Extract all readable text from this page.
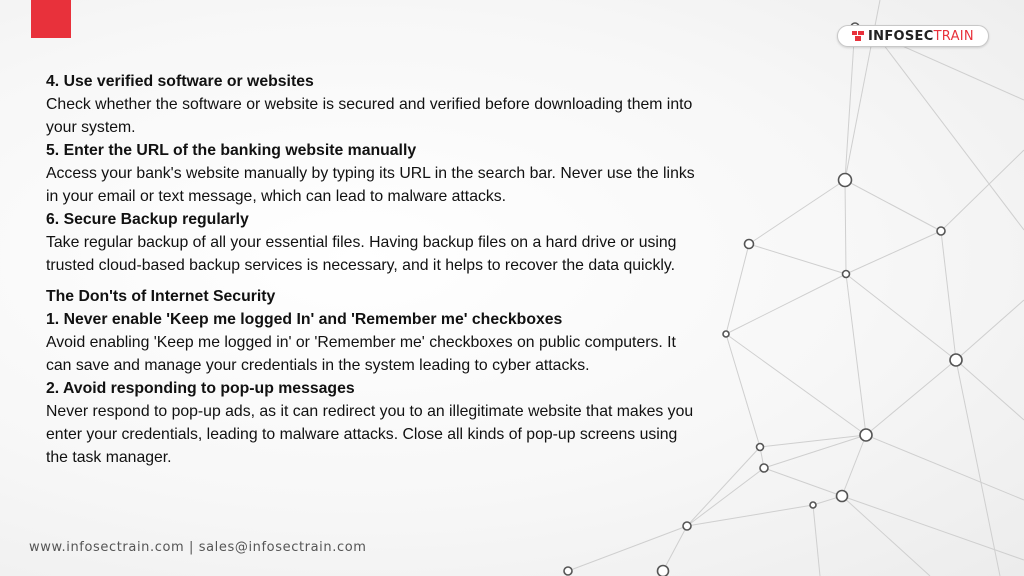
INFOSEC TRAIN

4. Use verified software or websites

Check whether the software or website is secured and verified before downloading them into your system.

5. Enter the URL of the banking website manually

Access your bank's website manually by typing its URL in the search bar. Never use the links in your email or text message, which can lead to malware attacks.

6. Secure Backup regularly

Take regular backup of all your essential files. Having backup files on a hard drive or using trusted cloud-based backup services is necessary, and it helps to recover the data quickly.

The Don'ts of Internet Security

1. Never enable 'Keep me logged In' and 'Remember me' checkboxes

Avoid enabling 'Keep me logged in' or 'Remember me' checkboxes on public computers. It can save and manage your credentials in the system leading to cyber attacks.

2. Avoid responding to pop-up messages

Never respond to pop-up ads, as it can redirect you to an illegitimate website that makes you enter your credentials, leading to malware attacks. Close all kinds of pop-up screens using the task manager.

www.infosectrain.com | sales@infosectrain.com
